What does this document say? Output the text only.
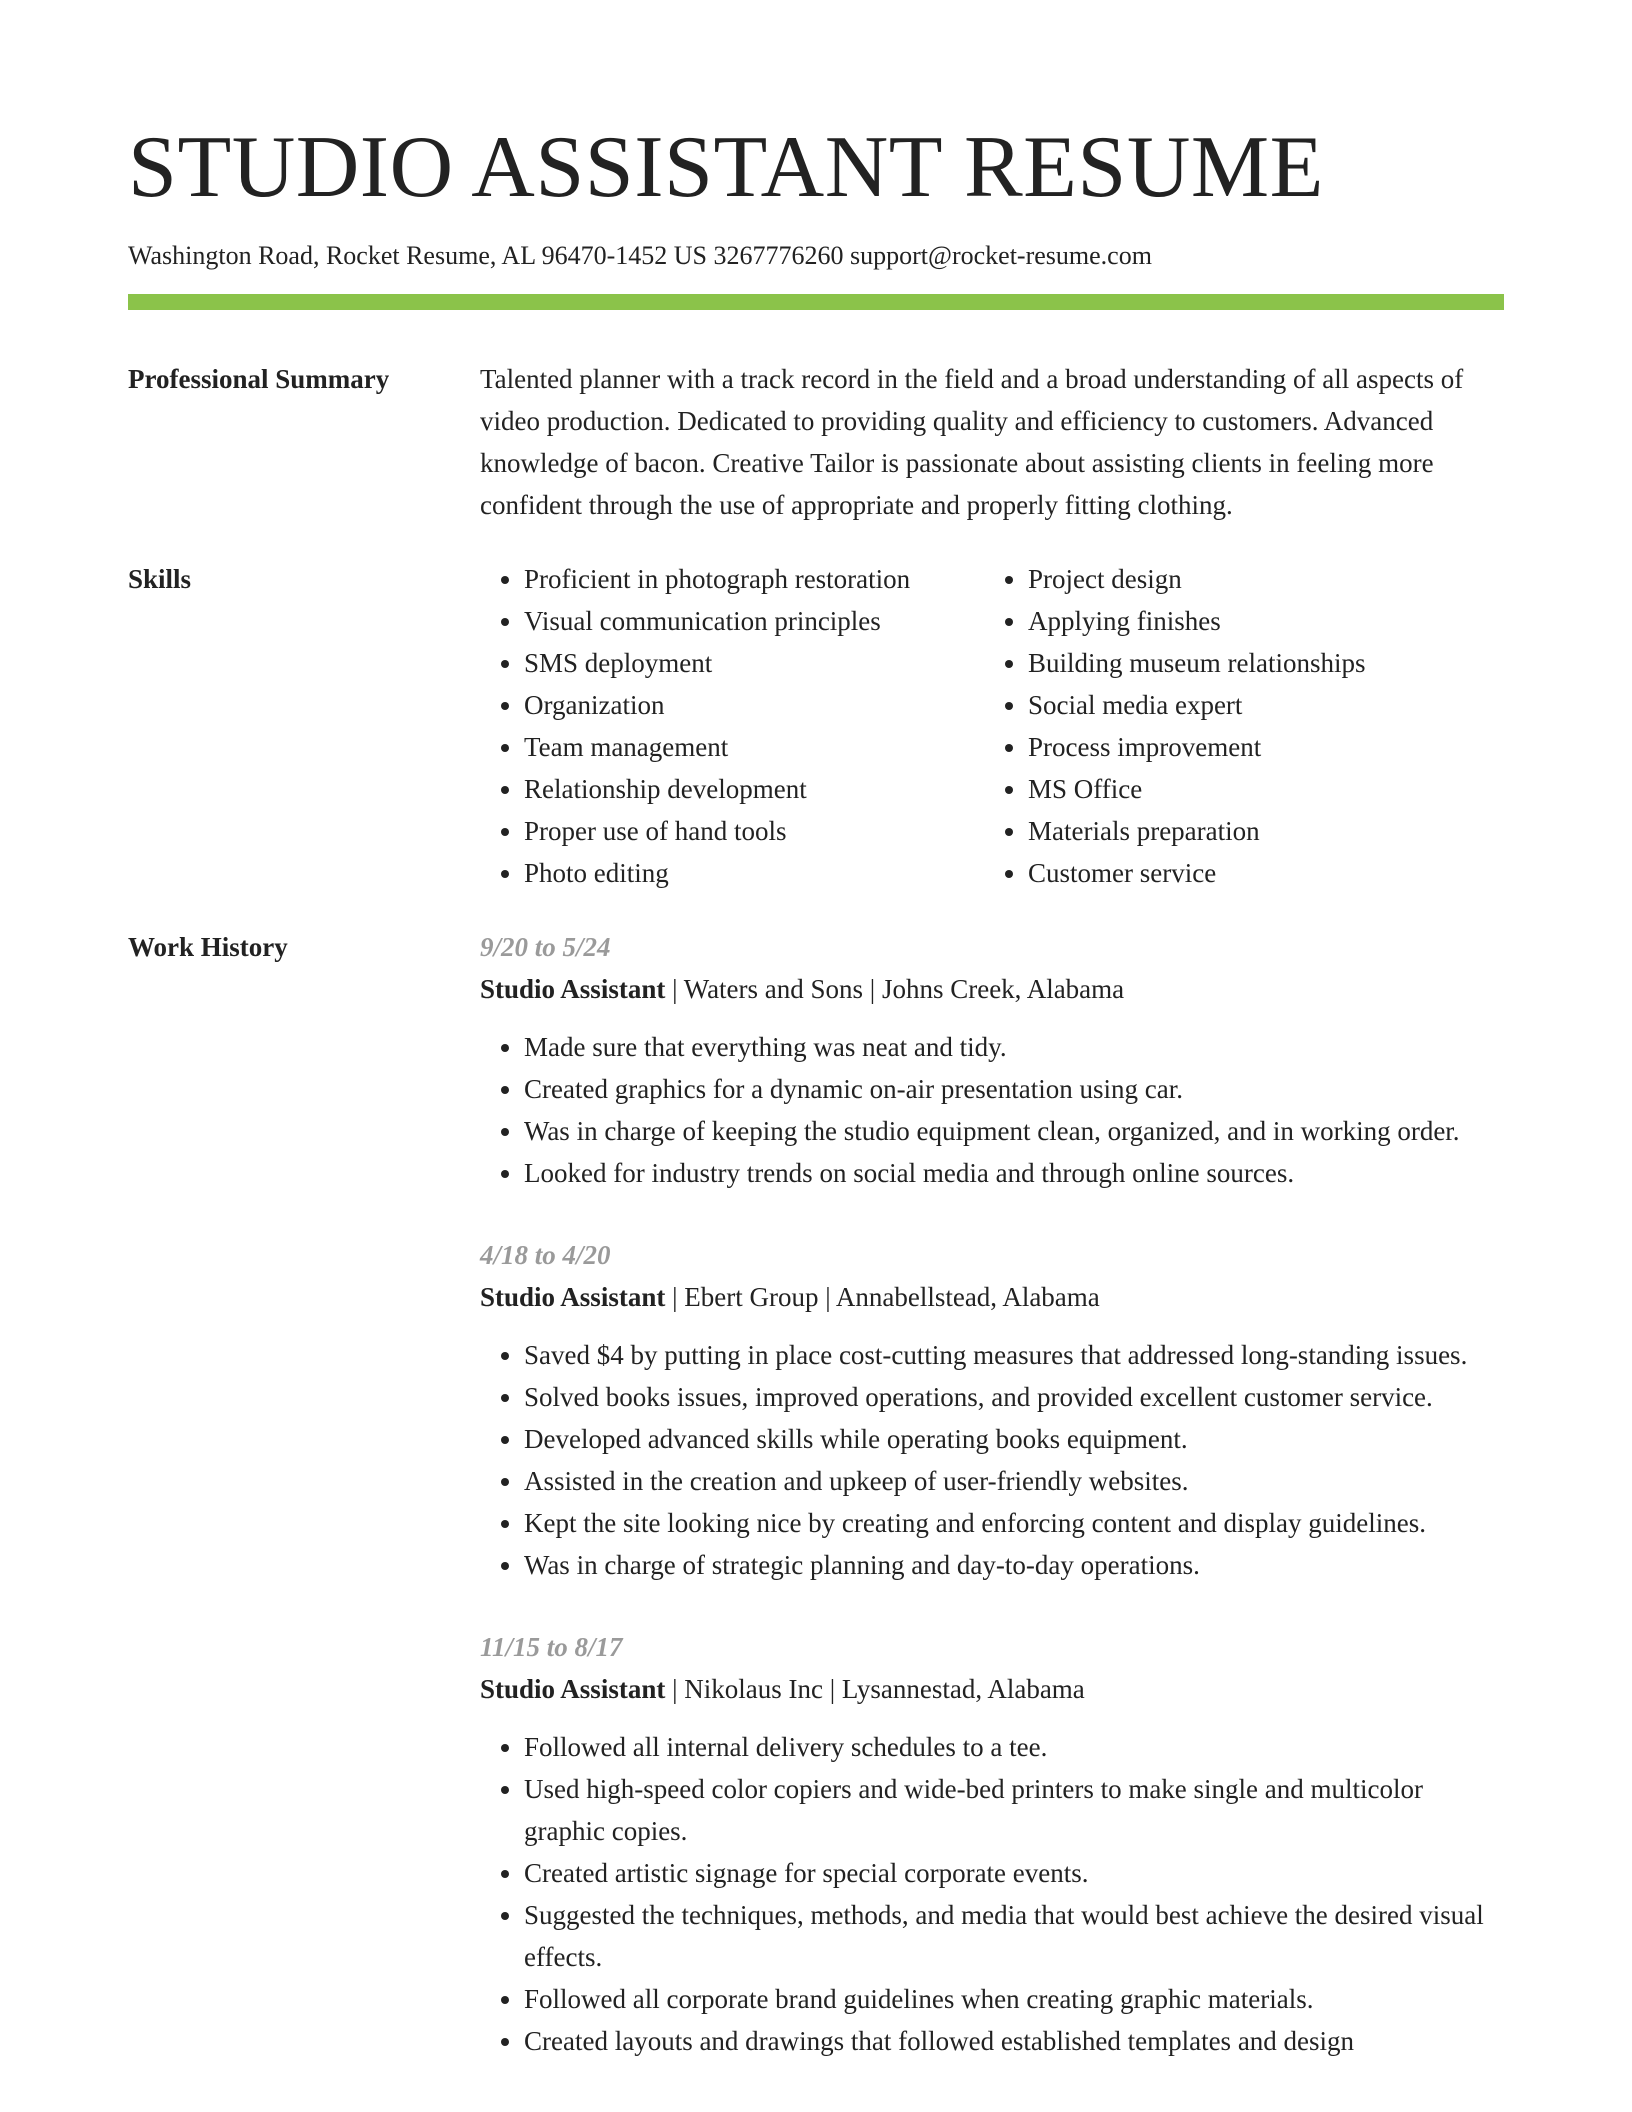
STUDIO ASSISTANT RESUME
Washington Road, Rocket Resume, AL 96470-1452 US 3267776260 support@rocket-resume.com
Professional Summary	Talented planner with a track record in the field and a broad understanding of all aspects of video production. Dedicated to providing quality and efficiency to customers. Advanced knowledge of bacon. Creative Tailor is passionate about assisting clients in feeling more confident through the use of appropriate and properly fitting clothing.

Skills
•	Proficient in photograph restoration
• Visual communication principles
• SMS deployment
• Organization
• Team management
• Relationship development
• Proper use of hand tools
• Photo editing
• Project design
• Applying finishes
• Building museum relationships
• Social media expert
• Process improvement
• MS Office
• Materials preparation
• Customer service
Work History	9/20 to 5/24
Studio Assistant | Waters and Sons | Johns Creek, Alabama
• Made sure that everything was neat and tidy.
• Created graphics for a dynamic on-air presentation using car.
• Was in charge of keeping the studio equipment clean, organized, and in working order.
• Looked for industry trends on social media and through online sources.
4/18 to 4/20
Studio Assistant | Ebert Group | Annabellstead, Alabama
• Saved $4 by putting in place cost-cutting measures that addressed long-standing issues.
• Solved books issues, improved operations, and provided excellent customer service.
• Developed advanced skills while operating books equipment.
• Assisted in the creation and upkeep of user-friendly websites.
• Kept the site looking nice by creating and enforcing content and display guidelines.
• Was in charge of strategic planning and day-to-day operations.
11/15 to 8/17
Studio Assistant | Nikolaus Inc | Lysannestad, Alabama
• Followed all internal delivery schedules to a tee.
• Used high-speed color copiers and wide-bed printers to make single and multicolor graphic copies.
• Created artistic signage for special corporate events.
• Suggested the techniques, methods, and media that would best achieve the desired visual effects.
• Followed all corporate brand guidelines when creating graphic materials.
• Created layouts and drawings that followed established templates and design
